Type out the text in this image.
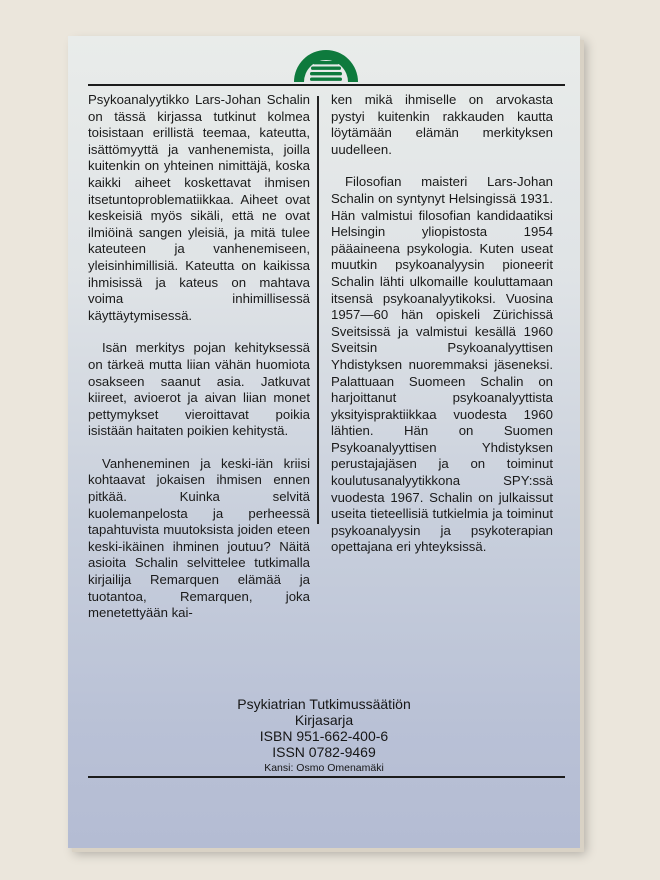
Psykoanalyytikko Lars-Johan Schalin on tässä kirjassa tutkinut kolmea toisistaan erillistä teemaa, kateutta, isättömyyttä ja vanhenemista, joilla kuitenkin on yhteinen nimittäjä, koska kaikki aiheet koskettavat ihmisen itsetuntoproblematiikkaa. Aiheet ovat keskeisiä myös sikäli, että ne ovat ilmiöinä sangen yleisiä, ja mitä tulee kateuteen ja vanhenemiseen, yleisinhimillisiä. Kateutta on kaikissa ihmisissä ja kateus on mahtava voima inhimillisessä käyttäytymisessä.

Isän merkitys pojan kehityksessä on tärkeä mutta liian vähän huomiota osakseen saanut asia. Jatkuvat kiireet, avioerot ja aivan liian monet pettymykset vieroittavat poikia isistään haitaten poikien kehitystä.

Vanheneminen ja keski-iän kriisi kohtaavat jokaisen ihmisen ennen pitkää. Kuinka selvitä kuolemanpelosta ja perheessä tapahtuvista muutoksista joiden eteen keski-ikäinen ihminen joutuu? Näitä asioita Schalin selvittelee tutkimalla kirjailija Remarquen elämää ja tuotantoa, Remarquen, joka menetettyään kai-

ken mikä ihmiselle on arvokasta pystyi kuitenkin rakkauden kautta löytämään elämän merkityksen uudelleen.

Filosofian maisteri Lars-Johan Schalin on syntynyt Helsingissä 1931. Hän valmistui filosofian kandidaatiksi Helsingin yliopistosta 1954 pääaineena psykologia. Kuten useat muutkin psykoanalyysin pioneerit Schalin lähti ulkomaille kouluttamaan itsensä psykoanalyytikoksi. Vuosina 1957—60 hän opiskeli Zürichissä Sveitsissä ja valmistui kesällä 1960 Sveitsin Psykoanalyyttisen Yhdistyksen nuoremmaksi jäseneksi. Palattuaan Suomeen Schalin on harjoittanut psykoanalyyttista yksityispraktiikkaa vuodesta 1960 lähtien. Hän on Suomen Psykoanalyyttisen Yhdistyksen perustajajäsen ja on toiminut koulutusanalyytikkona SPY:ssä vuodesta 1967. Schalin on julkaissut useita tieteellisiä tutkielmia ja toiminut psykoanalyysin ja psykoterapian opettajana eri yhteyksissä.

Psykiatrian Tutkimussäätiön
Kirjasarja
ISBN 951-662-400-6
ISSN 0782-9469
Kansi: Osmo Omenamäki
